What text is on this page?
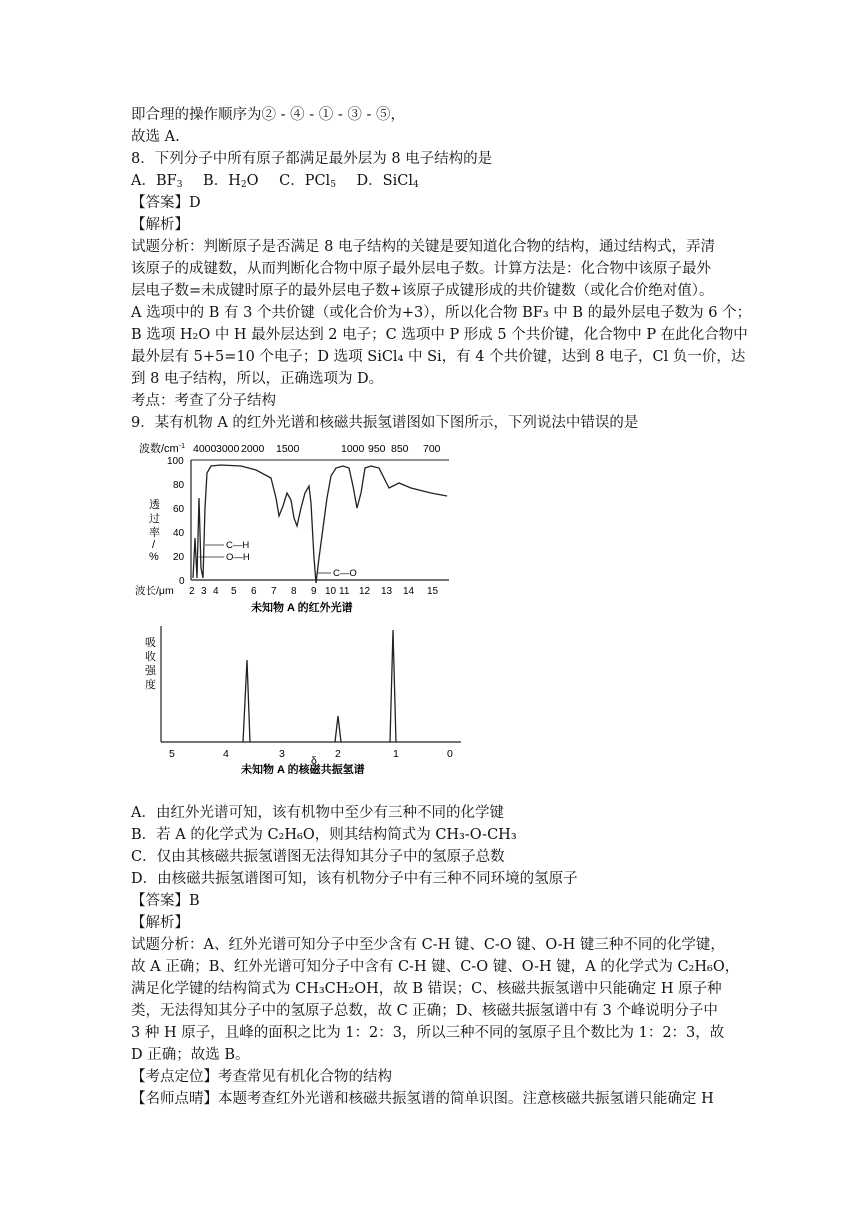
即合理的操作顺序为② - ④ - ① - ③ - ⑤，
故选 A.
8．下列分子中所有原子都满足最外层为 8 电子结构的是
A．$BF_3$ B．$H_2O$ C．PCl$_5$ D．SiCl$_4$
【答案】D
【解析】
试题分析：判断原子是否满足 8 电子结构的关键是要知道化合物的结构，通过结构式，弄清
该原子的成键数，从而判断化合物中原子最外层电子数。计算方法是：化合物中该原子最外
层电子数=未成键时原子的最外层电子数+该原子成键形成的共价键数（或化合价绝对值）。
A 选项中的 B 有 3 个共价键（或化合价为+3），所以化合物 BF₃ 中 B 的最外层电子数为 6 个；
B 选项 H₂O 中 H 最外层达到 2 电子；C 选项中 P 形成 5 个共价键，化合物中 P 在此化合物中
最外层有 5+5=10 个电子；D 选项 SiCl₄ 中 Si，有 4 个共价键，达到 8 电子，Cl 负一价，达
到 8 电子结构，所以，正确选项为 D。
考点：考查了分子结构
9．某有机物 A 的红外光谱和核磁共振氢谱图如下图所示，下列说法中错误的是
波数$/cm^{-1}$ 4000 3000 2000 1500	1000 950 850 700
透
过
率
/
%
100
80
60
40
20
0
C—H
O—H
C—O
波长/μm 2 3 4 5 6 7 8 9 10 11 12 13 14 15
未知物 A 的红外光谱
吸
收
强
度
5	4	3	2	1	0
δ
未知物 A 的核磁共振氢谱
A．由红外光谱可知，该有机物中至少有三种不同的化学键
B．若 A 的化学式为 C₂H₆O，则其结构简式为 CH₃-O-CH₃
C．仅由其核磁共振氢谱图无法得知其分子中的氢原子总数
D．由核磁共振氢谱图可知，该有机物分子中有三种不同环境的氢原子
【答案】B
【解析】
试题分析：A、红外光谱可知分子中至少含有 C-H 键、C-O 键、O-H 键三种不同的化学键，
故 A 正确；B、红外光谱可知分子中含有 C-H 键、C-O 键、O-H 键，A 的化学式为 C₂H₆O，
满足化学键的结构简式为 CH₃CH₂OH，故 B 错误；C、核磁共振氢谱中只能确定 H 原子种
类，无法得知其分子中的氢原子总数，故 C 正确；D、核磁共振氢谱中有 3 个峰说明分子中
3 种 H 原子，且峰的面积之比为 1：2：3，所以三种不同的氢原子且个数比为 1：2：3，故
D 正确；故选 B。
【考点定位】考查常见有机化合物的结构
【名师点晴】本题考查红外光谱和核磁共振氢谱的简单识图。注意核磁共振氢谱只能确定 H
